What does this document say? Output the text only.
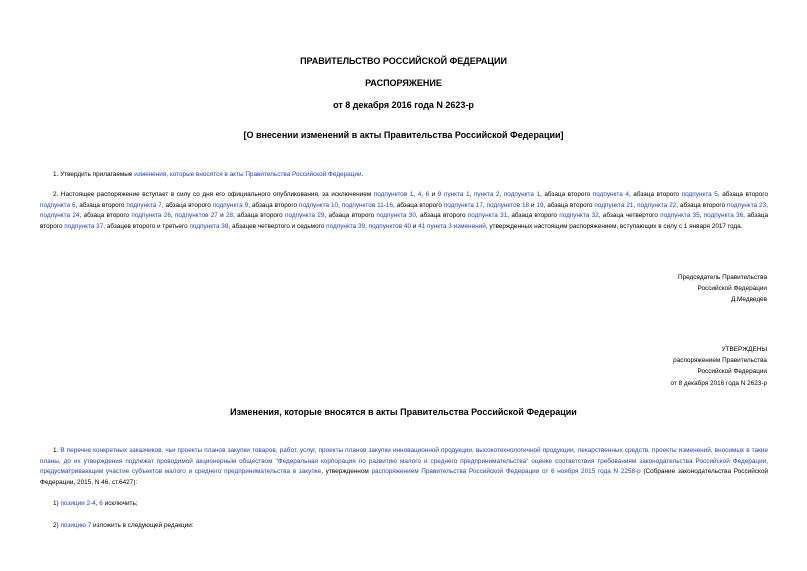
ПРАВИТЕЛЬСТВО РОССИЙСКОЙ ФЕДЕРАЦИИ
РАСПОРЯЖЕНИЕ
от 8 декабря 2016 года N 2623-р
[О внесении изменений в акты Правительства Российской Федерации]
1. Утвердить прилагаемые изменения, которые вносятся в акты Правительства Российской Федерации.
2. Настоящее распоряжение вступает в силу со дня его официального опубликования, за исключением подпунктов 1, 4, 6 и 9 пункта 1, пункта 2, подпункта 1, абзаца второго подпункта 4, абзаца второго подпункта 5, абзаца второго подпункта 6, абзаца второго подпункта 7, абзаца второго подпункта 9, абзаца второго подпункта 10, подпунктов 11-16, абзаца второго подпункта 17, подпунктов 18 и 19, абзаца второго подпункта 21, подпункта 22, абзаца второго подпункта 23, подпункта 24, абзаца второго подпункта 26, подпунктов 27 и 28, абзаца второго подпункта 29, абзаца второго подпункта 30, абзаца второго подпункта 31, абзаца второго подпункта 32, абзаца четвертого подпункта 35, подпункта 36, абзаца второго подпункта 37, абзацев второго и третьего подпункта 38, абзацев четвертого и седьмого подпункта 39, подпунктов 40 и 41 пункта 3 изменений, утвержденных настоящим распоряжением, вступающих в силу с 1 января 2017 года.
Председатель Правительства
Российской Федерации
Д.Медведев
УТВЕРЖДЕНЫ
распоряжением Правительства
Российской Федерации
от 8 декабря 2016 года N 2623-р
Изменения, которые вносятся в акты Правительства Российской Федерации
1. В перечне конкретных заказчиков, чьи проекты планов закупки товаров, работ, услуг, проекты планов закупки инновационной продукции, высокотехнологичной продукции, лекарственных средств, проекты изменений, вносимых в такие планы, до их утверждения подлежат проводимой акционерным обществом "Федеральная корпорация по развитию малого и среднего предпринимательства" оценке соответствия требованиям законодательства Российской Федерации, предусматривающим участие субъектов малого и среднего предпринимательства в закупке, утвержденном распоряжением Правительства Российской Федерации от 6 ноября 2015 года N 2258-р (Собрание законодательства Российской Федерации, 2015, N 46, ст.6427):
1) позиции 2-4, 6 исключить;
2) позицию 7 изложить в следующей редакции:
